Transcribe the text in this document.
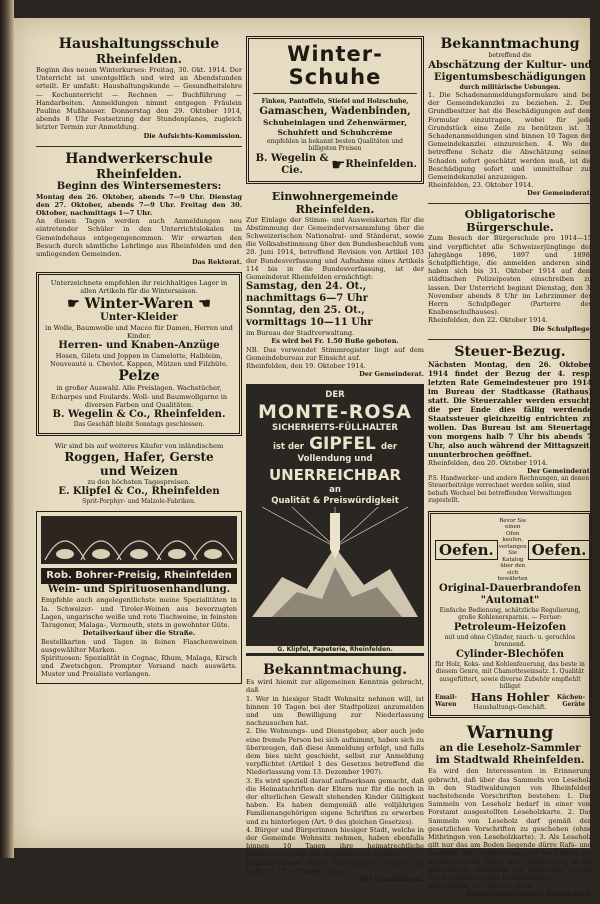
Haushaltungsschule
Rheinfelden.
Beginn des neuen Winterkurses: Freitag, 30. Okt. 1914. Der Unterricht ist unentgeltlich und wird an Abendstunden erteilt. Er umfaßt: Haushaltungskunde — Gesundheitslehre — Kochunterricht — Rechnen — Buchführung — Handarbeiten. Anmeldungen nimmt entgegen Fräulein Pauline Mußhauser. Donnerstag den 29. Oktober 1914, abends 8 Uhr Festsetzung der Stundenplanes, zugleich letzter Termin zur Anmeldung.
Die Aufsichts-Kommission.
Handwerkerschule
Rheinfelden.
Beginn des Wintersemesters:
Montag den 26. Oktober, abends 7—9 Uhr. Dienstag den 27. Oktober, abends 7—9 Uhr. Freitag den 30. Oktober, nachmittags 1—7 Uhr.
An diesen Tagen werden auch Anmeldungen neu eintretender Schüler in den Unterrichtslokalen im Gemeindehaus entgegengenommen. Wir erwarten den Besuch durch sämtliche Lehrlinge aus Rheinfelden und den umliegenden Gemeinden.
Das Rektorat.
Unterzeichnete empfehlen ihr reichhaltiges Lager in allen Artikeln für die Wintersaison.
☛ Winter-Waren ☚
Unter-Kleider
in Wolle, Baumwolle und Macco für Damen, Herren und Kinder.
Herren- und Knaben-Anzüge
Hosen, Gilets und Joppen in Camelotte, Halbleim, Nouveauté u. Cheviot. Kappen, Mützen und Filzhüte.
Pelze
in großer Auswahl. Alle Preislagen. Wachstücher, Echarpes und Foulards. Woll- und Baumwollgarne in diversen Farben und Qualitäten.
B. Wegelin & Co., Rheinfelden.
Das Geschäft bleibt Sonntags geschlossen.
Wir sind bis auf weiteres Käufer von inländischem
Roggen, Hafer, Gerste
und Weizen
zu den höchsten Tagespreisen.
E. Klipfel & Co., Rheinfelden
Sprit-Porphyr- und Malzole-Fabriken.
Rob. Bohrer-Preisig, Rheinfelden
Wein- und Spirituosenhandlung.
Empfehle auch angelegentlichste meine Spezialitäten in Ia. Schweizer- und Tiroler-Weinen aus bevorzugten Lagen, ungarische weiße und rote Tischweine, in feinsten Taragoner, Malaga-, Vermouth, stets in gewohnter Güte.
Detailverkauf über die Straße.
Bestellkarten und Tagen in feinen Flaschenweinen ausgewählter Marken.
Spirituosen: Spezialität in Cognac, Rhum, Malaga, Kirsch und Zwetschgen. Prompter Versand nach auswärts. Muster und Preisliste verlangen.
Winter-
Schuhe
Finken, Pantoffeln, Stiefel und Holzschuhe,
Gamaschen, Wadenbinden,
Schuheinlagen und Zehenwärmer,
Schuhfett und Schuhcrème
empfehlen in bekannt besten Qualitäten und billigsten Preisen
B. Wegelin & Cie.	☛ Rheinfelden.
Einwohnergemeinde Rheinfelden.
Zur Einlage der Stimm- und Ausweiskarten für die Abstimmung der Gemeinderversammlung über die Schweizerischen Nationalrat- und Ständerat, sowie die Volksabstimmung über den Bundesbeschluß vom 20. Juni 1914, betreffend Revision von Artikel 103 der Bundesverfassung und Aufnahme eines Artikels 114 bis in die Bundesverfassung, ist der Gemeinderat Rheinfelden ermächtigt:
Samstag, den 24. Ot., nachmittags 6—7 Uhr
Sonntag, den 25. Ot., vormittags 10—11 Uhr
im Bureau der Stadtverwaltung.
Es wird bei Fr. 1.50 Buße geboten.
NB. Das verwendet Stimmregister liegt auf dem Gemeindebureau zur Einsicht auf.
Rheinfelden, den 19. Oktober 1914.
Der Gemeinderat.
DER
MONTE-ROSA
SICHERHEITS-FÜLLHALTER
ist der GIPFEL der
Vollendung und
UNERREICHBAR
an
Qualität & Preiswürdigkeit
G. Klipfel, Papeterie, Rheinfelden.
Bekanntmachung.
Es wird hiemit zur allgemeinen Kenntnis gebracht, daß
1. Wer in hiesiger Stadt Wohnsitz nehmen will, ist binnen 10 Tagen bei der Stadtpolizei anzumelden und um Bewilligung zur Niederlassung nachzusuchen hat.
2. Die Wohnungs- und Dienstgeber, aber auch jede eine fremde Person bei sich aufnimmt, haben sich zu überzeugen, daß diese Anmeldung erfolgt, und falls dem bies nicht geschieht, selbst zur Anmeldung verpflichtet (Artikel 1 des Gesetzes betreffend die Niederlassung vom 13. Dezember 1907).
3. Es wird speziell darauf aufmerksam gemacht, daß die Heimatschriften der Eltern nur für die noch in der elterlichen Gewalt stehenden Kinder Gültigkeit haben. Es haben demgemäß alle volljährigen Familienangehörigen eigene Schriften zu erwerben und zu hinterlegen (Art. 9 des gleichen Gesetzes).
4. Bürger und Bürgerinnen hiesiger Stadt, welche in der Gemeinde Wohnsitz nehmen, haben ebenfalls binnen 10 Tagen ihre heimatrechtliche Niederlassung bei der Stadtpolizei zu melden.
Uebertretungen dieser Vorschriften werden mit Buße bis 15.— Franken belegt.
Der Gemeinderat.
Bekanntmachung
betreffend die
Abschätzung der Kultur- und Eigentumsbeschädigungen
durch militärische Uebungen.
1. Die Schadenanmeldungsformulare sind bei der Gemeindekanzlei zu beziehen. 2. Der Grundbesitzer hat die Beschädigungen auf dem Formular einzutragen, wobei für jede Grundstück eine Zeile zu benützen ist. 3. Schadenanmeldungen sind binnen 10 Tagen der Gemeindekanzlei einzureichen. 4. Wo der betroffene Schatz die Abschätzung seiner Schaden sofort geschätzt werden muß, ist die Beschädigung sofort und unmittelbar zur Gemeindekanzlei anzuzeigen.
Rheinfelden, 23. Oktober 1914.
Der Gemeinderat.
Obligatorische Bürgerschule.
Zum Besuch der Bürgerschule pro 1914—15 sind verpflichtet alle Schweizerjünglinge der Jahrgänge 1896, 1897 und 1898. Schulpflichtige, die anmelden anderen sind, haben sich bis 31. Oktober 1914 auf dem städtischen Polizeiposten einschreiben zu lassen. Der Unterricht beginnt Dienstag, den 3. November abends 8 Uhr im Lehrzimmer des Herrn Schulpfleger (Parterre des Knabenschulhauses).
Rheinfelden, den 22. Oktober 1914.
Die Schulpflege.
Steuer-Bezug.
Nächsten Montag, den 26. Oktober 1914 findet der Bezug der 4. resp. letzten Rate Gemeindesteuer pro 1914 im Bureau der Stadtkasse (Rathaus) statt. Die Steuerzahler werden ersucht, die per Ende dies fällig werdende Staatssteuer gleichzeitig entrichten zu wollen. Das Bureau ist am Steuertage von morgens halb 7 Uhr bis abends 7 Uhr, also auch während der Mittagszeit, ununterbrochen geöffnet.
Rheinfelden, den 20. Oktober 1914.
Der Gemeinderat.
P.S. Handwerker- und andere Rechnungen, an denen Steuerbeiträge verrechnet werden sollen, sind behufs Wechsel bei betreffenden Verwaltungen zugestellt.
Oefen.
Bevor Sie einen Ofen kaufen, verlangen Sie Katalog über den sich bewährten
Oefen.
Original-Dauerbrandofen "Automat"
Einfache Bedienung, schätzliche Regulierung, große Kohlenersparnis. — Ferner:
Petroleum-Heizofen
mit und ohne Cylinder, rauch- u. geruchlos brennend.
Cylinder-Blechöfen
für Holz, Koks- und Kohlenfeuerung, das beste in diesem Genre, mit Chamotteseinsatz. 1. Qualität ausgefüttert, sowie diverse Zubehör empfiehlt billigst
Email-Waren
Hans Hohler
Haushaltungs-Geschäft.
Küchen-Geräte
Warnung
an die Leseholz-Sammler
im Stadtwald Rheinfelden.
Es wird den Interessenten in Erinnerung gebracht, daß über das Sammeln von Leseholz in den Stadtwaldungen von Rheinfelden nachstehende Vorschriften bestehen: 1. Das Sammeln von Leseholz bedarf in einer vom Forstamt ausgestellten Leseholzkarte. 2. Das Sammeln von Leseholz darf gemäß den gesetzlichen Vorschriften zu geschehen (ohne Mitbringen von Leseholzkarte). 3. Als Leseholz gilt nur das am Boden liegende dürre Rafs- und Leseholz. Jede Uebertretung hat den Entzug der Bewilligung zur Folge und Uebertretung an die polizeilichen Behörden zur Bestrafung gemäß den forstpolizeilichen Bestimmungen.
Rheinfelden, 16. Oktober 1914.
Stadtforstverwaltung Rheinfelden.
